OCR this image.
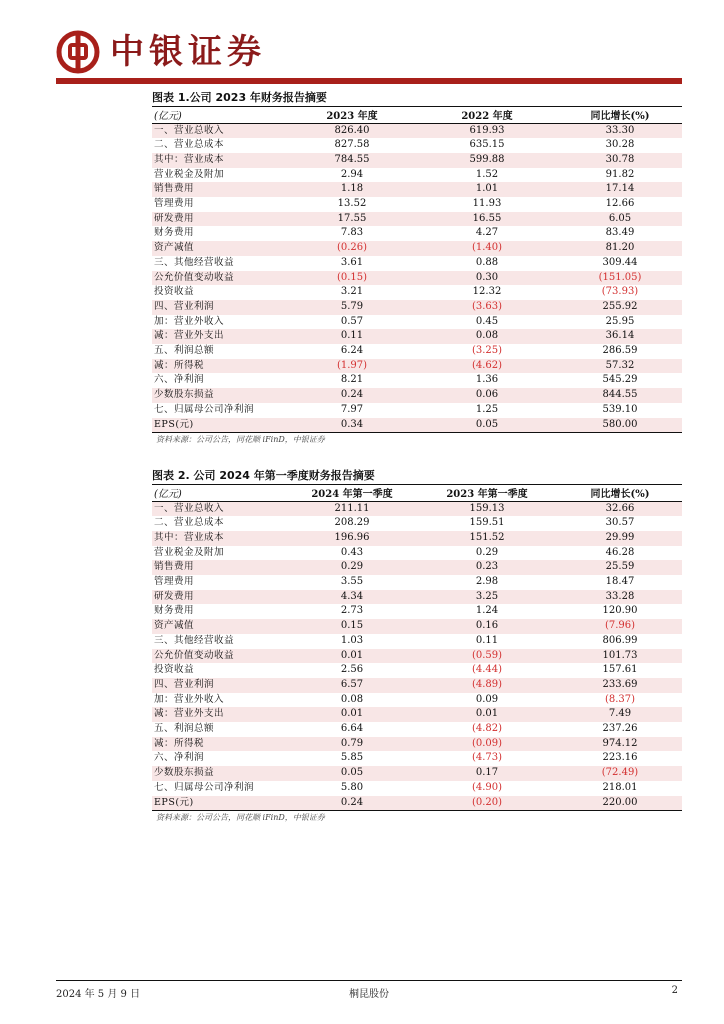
中银证券
图表 1.公司 2023 年财务报告摘要
(亿元)	2023 年度	2022 年度	同比增长(%)
一、营业总收入	826.40	619.93	33.30
二、营业总成本	827.58	635.15	30.28
其中：营业成本	784.55	599.88	30.78
营业税金及附加	2.94	1.52	91.82
销售费用	1.18	1.01	17.14
管理费用	13.52	11.93	12.66
研发费用	17.55	16.55	6.05
财务费用	7.83	4.27	83.49
资产减值	(0.26)	(1.40)	81.20
三、其他经营收益	3.61	0.88	309.44
公允价值变动收益	(0.15)	0.30	(151.05)
投资收益	3.21	12.32	(73.93)
四、营业利润	5.79	(3.63)	255.92
加：营业外收入	0.57	0.45	25.95
减：营业外支出	0.11	0.08	36.14
五、利润总额	6.24	(3.25)	286.59
减：所得税	(1.97)	(4.62)	57.32
六、净利润	8.21	1.36	545.29
少数股东损益	0.24	0.06	844.55
七、归属母公司净利润	7.97	1.25	539.10
EPS(元)	0.34	0.05	580.00
资料来源：公司公告，同花顺 iFinD，中银证券
图表 2. 公司 2024 年第一季度财务报告摘要
(亿元)	2024 年第一季度	2023 年第一季度	同比增长(%)
一、营业总收入	211.11	159.13	32.66
二、营业总成本	208.29	159.51	30.57
其中：营业成本	196.96	151.52	29.99
营业税金及附加	0.43	0.29	46.28
销售费用	0.29	0.23	25.59
管理费用	3.55	2.98	18.47
研发费用	4.34	3.25	33.28
财务费用	2.73	1.24	120.90
资产减值	0.15	0.16	(7.96)
三、其他经营收益	1.03	0.11	806.99
公允价值变动收益	0.01	(0.59)	101.73
投资收益	2.56	(4.44)	157.61
四、营业利润	6.57	(4.89)	233.69
加：营业外收入	0.08	0.09	(8.37)
减：营业外支出	0.01	0.01	7.49
五、利润总额	6.64	(4.82)	237.26
减：所得税	0.79	(0.09)	974.12
六、净利润	5.85	(4.73)	223.16
少数股东损益	0.05	0.17	(72.49)
七、归属母公司净利润	5.80	(4.90)	218.01
EPS(元)	0.24	(0.20)	220.00
资料来源：公司公告，同花顺 iFinD，中银证券
2024 年 5 月 9 日	桐昆股份	2
